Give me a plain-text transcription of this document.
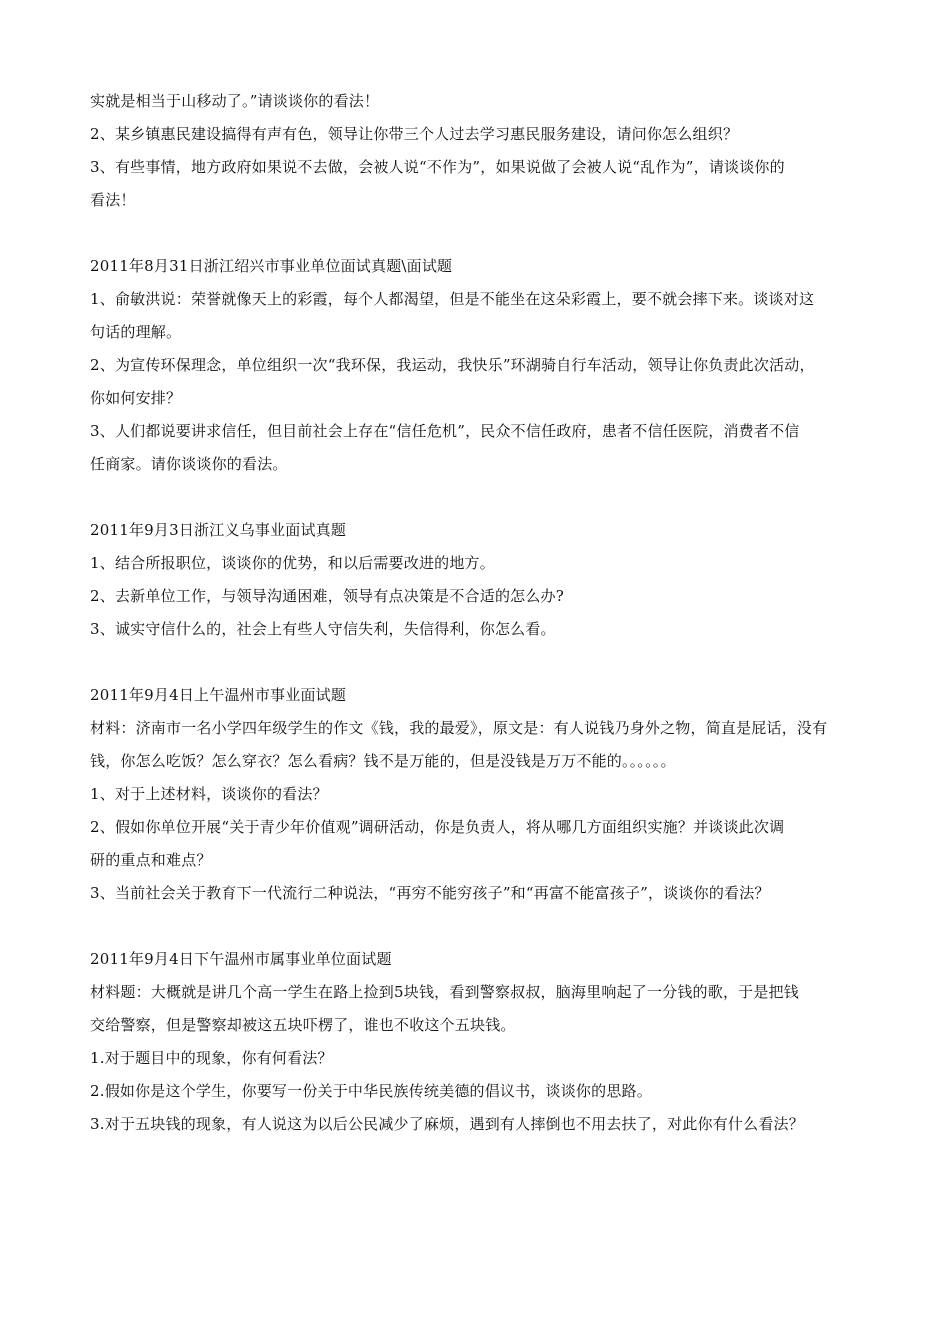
实就是相当于山移动了。”请谈谈你的看法！
2、某乡镇惠民建设搞得有声有色，领导让你带三个人过去学习惠民服务建设，请问你怎么组织？
3、有些事情，地方政府如果说不去做，会被人说“不作为”，如果说做了会被人说“乱作为”，请谈谈你的
看法！
2011年8月31日浙江绍兴市事业单位面试真题\面试题
1、俞敏洪说：荣誉就像天上的彩霞，每个人都渴望，但是不能坐在这朵彩霞上，要不就会摔下来。谈谈对这
句话的理解。
2、为宣传环保理念，单位组织一次“我环保，我运动，我快乐”环湖骑自行车活动，领导让你负责此次活动，
你如何安排？
3、人们都说要讲求信任，但目前社会上存在“信任危机”，民众不信任政府，患者不信任医院，消费者不信
任商家。请你谈谈你的看法。
2011年9月3日浙江义乌事业面试真题
1、结合所报职位，谈谈你的优势，和以后需要改进的地方。
2、去新单位工作，与领导沟通困难，领导有点决策是不合适的怎么办?
3、诚实守信什么的，社会上有些人守信失利，失信得利，你怎么看。
2011年9月4日上午温州市事业面试题
材料：济南市一名小学四年级学生的作文《钱，我的最爱》，原文是：有人说钱乃身外之物，简直是屁话，没有
钱，你怎么吃饭？怎么穿衣？怎么看病？钱不是万能的，但是没钱是万万不能的。。。。。。
1、对于上述材料，谈谈你的看法？
2、假如你单位开展“关于青少年价值观”调研活动，你是负责人，将从哪几方面组织实施？并谈谈此次调
研的重点和难点？
3、当前社会关于教育下一代流行二种说法，“再穷不能穷孩子”和“再富不能富孩子”，谈谈你的看法？
2011年9月4日下午温州市属事业单位面试题
材料题：大概就是讲几个高一学生在路上捡到5块钱，看到警察叔叔，脑海里响起了一分钱的歌，于是把钱
交给警察，但是警察却被这五块吓楞了，谁也不收这个五块钱。
1.对于题目中的现象，你有何看法？
2.假如你是这个学生，你要写一份关于中华民族传统美德的倡议书，谈谈你的思路。
3.对于五块钱的现象，有人说这为以后公民减少了麻烦，遇到有人摔倒也不用去扶了，对此你有什么看法？
